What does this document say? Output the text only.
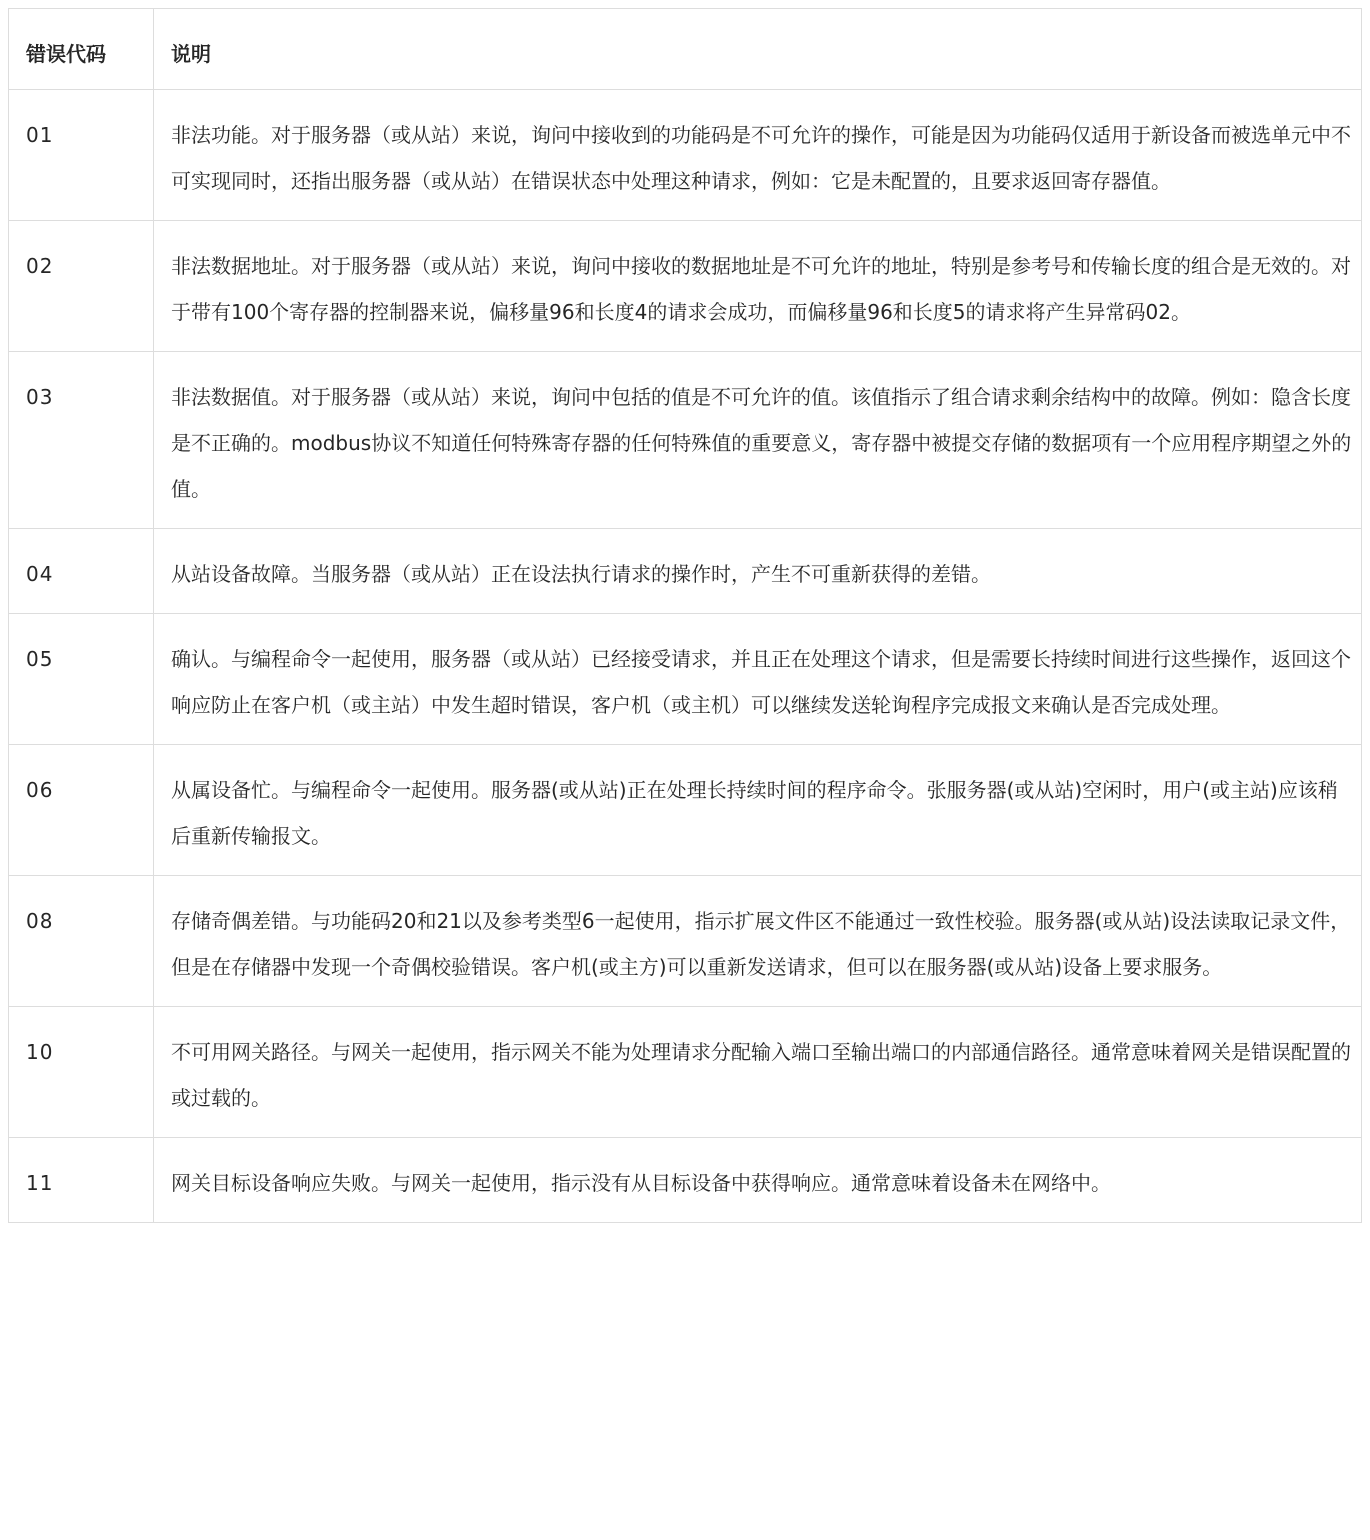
错误代码	说明
01	非法功能。对于服务器（或从站）来说，询问中接收到的功能码是不可允许的操作，可能是因为功能码仅适用于新设备而被选单元中不可实现同时，还指出服务器（或从站）在错误状态中处理这种请求，例如：它是未配置的，且要求返回寄存器值。
02	非法数据地址。对于服务器（或从站）来说，询问中接收的数据地址是不可允许的地址，特别是参考号和传输长度的组合是无效的。对于带有100个寄存器的控制器来说，偏移量96和长度4的请求会成功，而偏移量96和长度5的请求将产生异常码02。
03	非法数据值。对于服务器（或从站）来说，询问中包括的值是不可允许的值。该值指示了组合请求剩余结构中的故障。例如：隐含长度是不正确的。modbus协议不知道任何特殊寄存器的任何特殊值的重要意义，寄存器中被提交存储的数据项有一个应用程序期望之外的值。
04	从站设备故障。当服务器（或从站）正在设法执行请求的操作时，产生不可重新获得的差错。
05	确认。与编程命令一起使用，服务器（或从站）已经接受请求，并且正在处理这个请求，但是需要长持续时间进行这些操作，返回这个响应防止在客户机（或主站）中发生超时错误，客户机（或主机）可以继续发送轮询程序完成报文来确认是否完成处理。
06	从属设备忙。与编程命令一起使用。服务器(或从站)正在处理长持续时间的程序命令。张服务器(或从站)空闲时，用户(或主站)应该稍后重新传输报文。
08	存储奇偶差错。与功能码20和21以及参考类型6一起使用，指示扩展文件区不能通过一致性校验。服务器(或从站)设法读取记录文件，但是在存储器中发现一个奇偶校验错误。客户机(或主方)可以重新发送请求，但可以在服务器(或从站)设备上要求服务。
10	不可用网关路径。与网关一起使用，指示网关不能为处理请求分配输入端口至输出端口的内部通信路径。通常意味着网关是错误配置的或过载的。
11	网关目标设备响应失败。与网关一起使用，指示没有从目标设备中获得响应。通常意味着设备未在网络中。
